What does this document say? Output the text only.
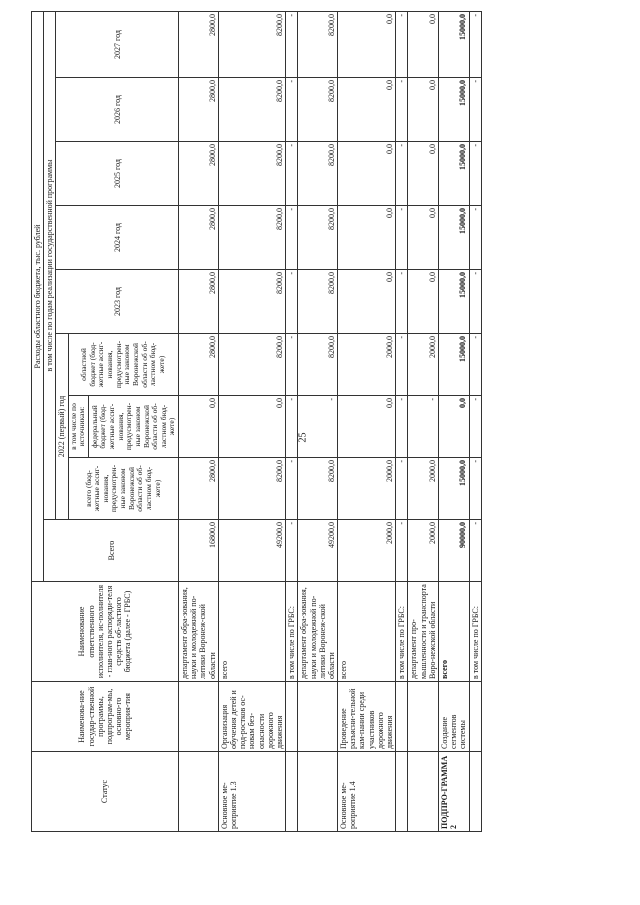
25
Статус	Наименова-ние государ-ственной программы, подпрограм-мы, основно-го мероприя-тия	Наименование ответственного исполнителя, ис-полнителя - глав-ного распоряди-теля средств об-ластного бюджета (далее - ГРБС)	Расходы областного бюджета, тыс. рублей								
			Всего	в том числе по годам реализации государственной программы							
				2022 (первый) год			2023 год	2024 год	2025 год	2026 год	2027 год
				всего (бюд-жетные ассиг-нования, предусмотрен-ные законом Воронежской области об об-ластном бюд-жете)	в том числе по источникам: федеральный бюджет (бюд-жетные ассиг-нования, предусмотрен-ные законом Воронежской области об об-ластном бюд-жете)	областной бюджет (бюд-жетные ассиг-нования, предусмотрен-ные законом Воронежской области об об-ластном бюд-жете)					
		департамент обра-зования, науки и молодежной по-литики Воронеж-ской области	16800,0	2800,0	0,0	2800,0	2800,0	2800,0	2800,0	2800,0	2800,0
Основное ме-роприятие 1.3	Организация обучения детей и под-ростков ос-новам без-опасности дорожного движения	всего	49200,0	8200,0	0,0	8200,0	8200,0	8200,0	8200,0	8200,0	8200,0
		в том числе по ГРБС:	-	-	-	-	-	-	-	-	-
		департамент обра-зования, науки и молодежной по-литики Воронеж-ской области	49200,0	8200,0	-	8200,0	8200,0	8200,0	8200,0	8200,0	8200,0
Основное ме-роприятие 1.4	Проведение разъясни-тельной кам-пании среди участников дорожного движения	всего	2000,0	2000,0	0,0	2000,0	0,0	0,0	0,0	0,0	0,0
		в том числе по ГРБС:	-	-	-	-	-	-	-	-	-
		департамент про-мышленности и транспорта Воро-нежской области	2000,0	2000,0	-	2000,0	0,0	0,0	0,0	0,0	0,0
ПОДПРО-ГРАММА 2	Создание сегментов системы	всего	90000,0	15000,0	0,0	15000,0	15000,0	15000,0	15000,0	15000,0	15000,0
		в том числе по ГРБС:	-	-	-	-	-	-	-	-	-
